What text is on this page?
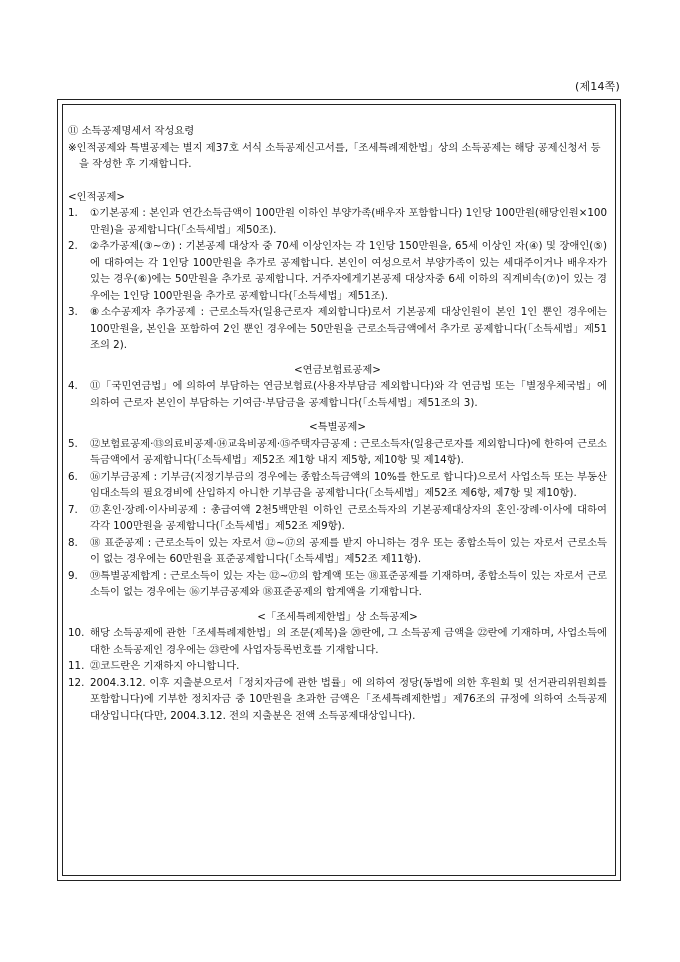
(제14쪽)

⑪ 소득공제명세서 작성요령

※인적공제와 특별공제는 별지 제37호 서식 소득공제신고서를,「조세특례제한법」상의 소득공제는 해당 공제신청서 등을 작성한 후 기재합니다.

<인적공제>

1.	①기본공제 : 본인과 연간소득금액이 100만원 이하인 부양가족(배우자 포함합니다) 1인당 100만원(해당인원×100만원)을 공제합니다(「소득세법」제50조).
2.	②추가공제(③~⑦) : 기본공제 대상자 중 70세 이상인자는 각 1인당 150만원을, 65세 이상인 자(④) 및 장애인(⑤)에 대하여는 각 1인당 100만원을 추가로 공제합니다. 본인이 여성으로서 부양가족이 있는 세대주이거나 배우자가 있는 경우(⑥)에는 50만원을 추가로 공제합니다. 거주자에게기본공제 대상자중 6세 이하의 직계비속(⑦)이 있는 경우에는 1인당 100만원을 추가로 공제합니다(「소득세법」제51조).
3.	⑧소수공제자 추가공제 : 근로소득자(일용근로자 제외합니다)로서 기본공제 대상인원이 본인 1인 뿐인 경우에는 100만원을, 본인을 포함하여 2인 뿐인 경우에는 50만원을 근로소득금액에서 추가로 공제합니다(「소득세법」제51조의 2).

<연금보험료공제>

4.	⑪「국민연금법」에 의하여 부담하는 연금보험료(사용자부담금 제외합니다)와 각 연금법 또는「별정우체국법」에 의하여 근로자 본인이 부담하는 기여금·부담금을 공제합니다(「소득세법」제51조의 3).

<특별공제>

5.	⑫보험료공제·⑬의료비공제·⑭교육비공제·⑮주택자금공제 : 근로소득자(일용근로자를 제외합니다)에 한하여 근로소득금액에서 공제합니다(「소득세법」제52조 제1항 내지 제5항, 제10항 및 제14항).
6.	⑯기부금공제 : 기부금(지정기부금의 경우에는 종합소득금액의 10%를 한도로 합니다)으로서 사업소득 또는 부동산임대소득의 필요경비에 산입하지 아니한 기부금을 공제합니다(「소득세법」제52조 제6항, 제7항 및 제10항).
7.	⑰혼인·장례·이사비공제 : 총급여액 2천5백만원 이하인 근로소득자의 기본공제대상자의 혼인·장례·이사에 대하여 각각 100만원을 공제합니다(「소득세법」제52조 제9항).
8.	⑱ 표준공제 : 근로소득이 있는 자로서 ⑫~⑰의 공제를 받지 아니하는 경우 또는 종합소득이 있는 자로서 근로소득이 없는 경우에는 60만원을 표준공제합니다(「소득세법」제52조 제11항).
9.	⑲특별공제합계 : 근로소득이 있는 자는 ⑫~⑰의 합계액 또는 ⑱표준공제를 기재하며, 종합소득이 있는 자로서 근로소득이 없는 경우에는 ⑯기부금공제와 ⑱표준공제의 합계액을 기재합니다.

<「조세특례제한법」상 소득공제>

10. 해당 소득공제에 관한「조세특례제한법」의 조문(제목)을 ⑳란에, 그 소득공제 금액을 ㉒란에 기재하며, 사업소득에 대한 소득공제인 경우에는 ㉓란에 사업자등록번호를 기재합니다.
11. ㉑코드란은 기재하지 아니합니다.
12. 2004.3.12. 이후 지출분으로서「정치자금에 관한 법률」에 의하여 정당(동법에 의한 후원회 및 선거관리위원회를 포함합니다)에 기부한 정치자금 중 10만원을 초과한 금액은「조세특례제한법」제76조의 규정에 의하여 소득공제대상입니다(다만, 2004.3.12. 전의 지출분은 전액 소득공제대상입니다).
